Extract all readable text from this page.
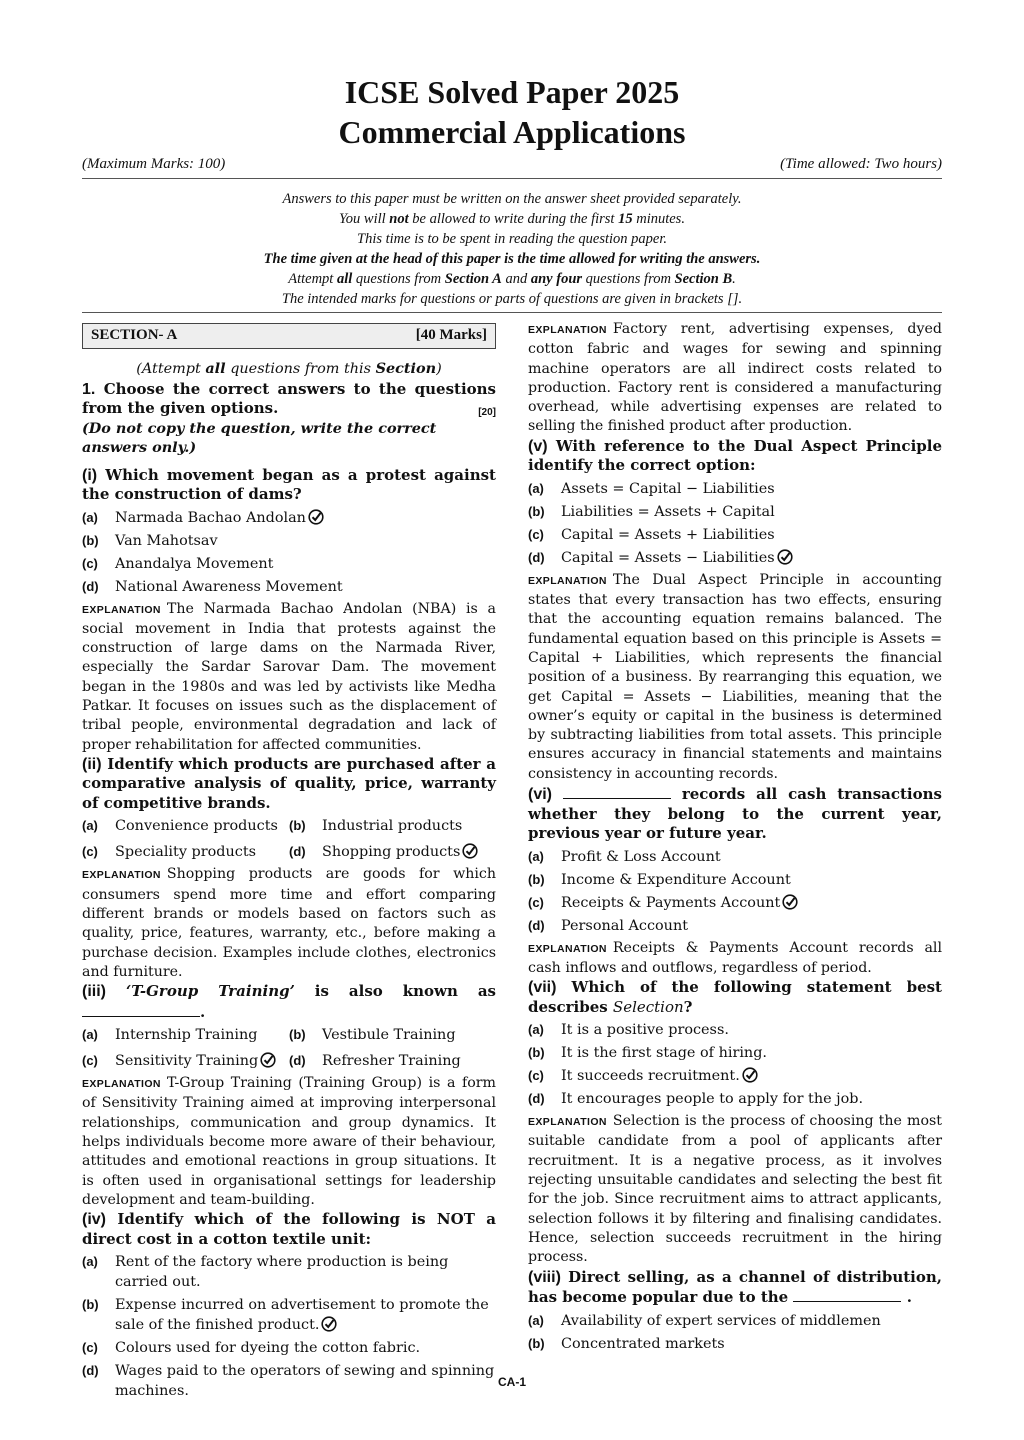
ICSE Solved Paper 2025
Commercial Applications
(Maximum Marks: 100)	(Time allowed: Two hours)
Answers to this paper must be written on the answer sheet provided separately.
You will not be allowed to write during the first 15 minutes.
This time is to be spent in reading the question paper.
The time given at the head of this paper is the time allowed for writing the answers.
Attempt all questions from Section A and any four questions from Section B.
The intended marks for questions or parts of questions are given in brackets [].
SECTION- A	[40 Marks]

(Attempt all questions from this Section)

1. Choose the correct answers to the questions from the given options.	[20]

(Do not copy the question, write the correct answers only.)

(i) Which movement began as a protest against the construction of dams?

(a)	Narmada Bachao Andolan
(b)	Van Mahotsav
(c)	Anandalya Movement
(d)	National Awareness Movement

EXPLANATION The Narmada Bachao Andolan (NBA) is a social movement in India that protests against the construction of large dams on the Narmada River, especially the Sardar Sarovar Dam. The movement began in the 1980s and was led by activists like Medha Patkar. It focuses on issues such as the displacement of tribal people, environmental degradation and lack of proper rehabilitation for affected communities.

(ii) Identify which products are purchased after a comparative analysis of quality, price, warranty of competitive brands.

(a)	Convenience products (b)	Industrial products
(c)	Speciality products	(d)	Shopping products

EXPLANATION Shopping products are goods for which consumers spend more time and effort comparing different brands or models based on factors such as quality, price, features, warranty, etc., before making a purchase decision. Examples include clothes, electronics and furniture.

(iii) ‘T-Group Training’ is also known as .

(a)	Internship Training (b)	Vestibule Training
(c)	Sensitivity Training	(d)	Refresher Training

EXPLANATION T-Group Training (Training Group) is a form of Sensitivity Training aimed at improving interpersonal relationships, communication and group dynamics. It helps individuals become more aware of their behaviour, attitudes and emotional reactions in group situations. It is often used in organisational settings for leadership development and team-building.

(iv) Identify which of the following is NOT a direct cost in a cotton textile unit:

(a)	Rent of the factory where production is being carried out.
(b)	Expense incurred on advertisement to promote the sale of the finished product.
(c)	Colours used for dyeing the cotton fabric.
(d)	Wages paid to the operators of sewing and spinning machines.

EXPLANATION Factory rent, advertising expenses, dyed cotton fabric and wages for sewing and spinning machine operators are all indirect costs related to production. Factory rent is considered a manufacturing overhead, while advertising expenses are related to selling the finished product after production.

(v) With reference to the Dual Aspect Principle identify the correct option:

(a)	Assets = Capital − Liabilities
(b)	Liabilities = Assets + Capital
(c)	Capital = Assets + Liabilities
(d)	Capital = Assets − Liabilities

EXPLANATION The Dual Aspect Principle in accounting states that every transaction has two effects, ensuring that the accounting equation remains balanced. The fundamental equation based on this principle is Assets = Capital + Liabilities, which represents the financial position of a business. By rearranging this equation, we get Capital = Assets − Liabilities, meaning that the owner’s equity or capital in the business is determined by subtracting liabilities from total assets. This principle ensures accuracy in financial statements and maintains consistency in accounting records.

(vi)	records all cash transactions whether they belong to the current year, previous year or future year.

(a)	Profit & Loss Account
(b)	Income & Expenditure Account
(c)	Receipts & Payments Account
(d)	Personal Account

EXPLANATION Receipts & Payments Account records all cash inflows and outflows, regardless of period.

(vii) Which of the following statement best describes Selection?

(a)	It is a positive process.
(b)	It is the first stage of hiring.
(c)	It succeeds recruitment.
(d)	It encourages people to apply for the job.

EXPLANATION Selection is the process of choosing the most suitable candidate from a pool of applicants after recruitment. It is a negative process, as it involves rejecting unsuitable candidates and selecting the best fit for the job. Since recruitment aims to attract applicants, selection follows it by filtering and finalising candidates. Hence, selection succeeds recruitment in the hiring process.

(viii) Direct selling, as a channel of distribution, has become popular due to the	.

(a)	Availability of expert services of middlemen
(b)	Concentrated markets
CA-1
